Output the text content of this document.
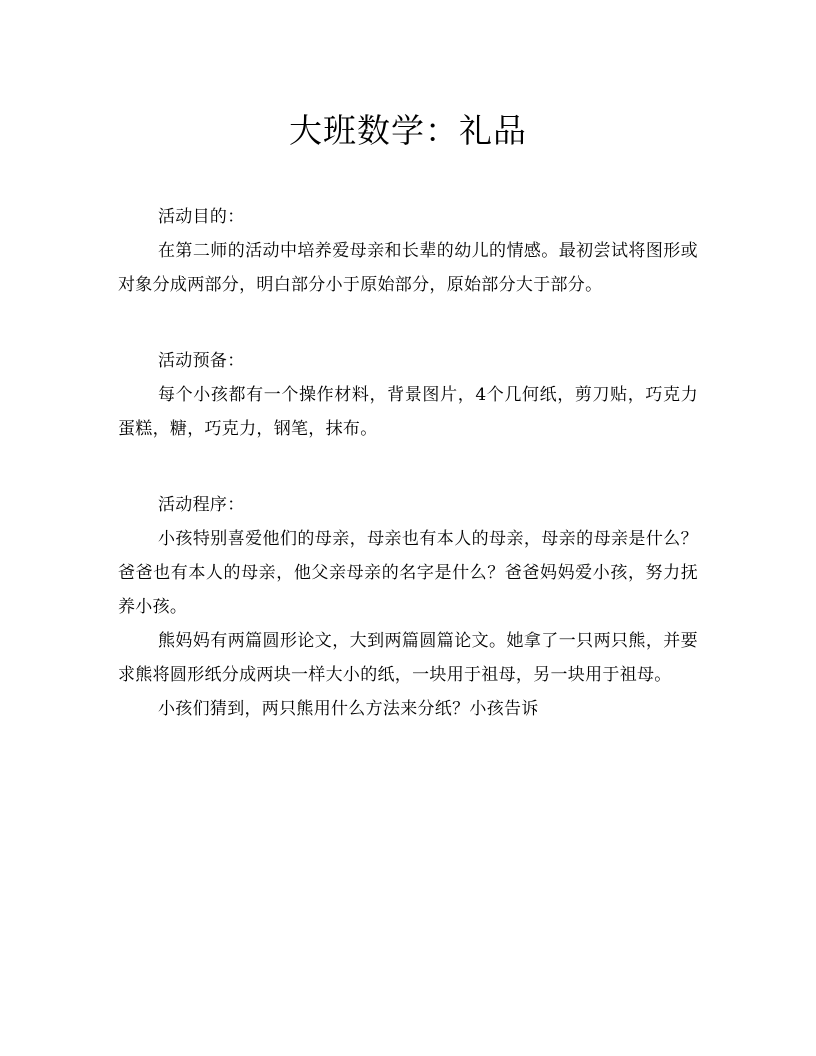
大班数学：礼品

活动目的：

在第二师的活动中培养爱母亲和长辈的幼儿的情感。最初尝试将图形或对象分成两部分，明白部分小于原始部分，原始部分大于部分。

活动预备：

每个小孩都有一个操作材料，背景图片，4个几何纸，剪刀贴，巧克力蛋糕，糖，巧克力，钢笔，抹布。

活动程序：

小孩特别喜爱他们的母亲，母亲也有本人的母亲，母亲的母亲是什么？爸爸也有本人的母亲，他父亲母亲的名字是什么？爸爸妈妈爱小孩，努力抚养小孩。

熊妈妈有两篇圆形论文，大到两篇圆篇论文。她拿了一只两只熊，并要求熊将圆形纸分成两块一样大小的纸，一块用于祖母，另一块用于祖母。

小孩们猜到，两只熊用什么方法来分纸？小孩告诉
